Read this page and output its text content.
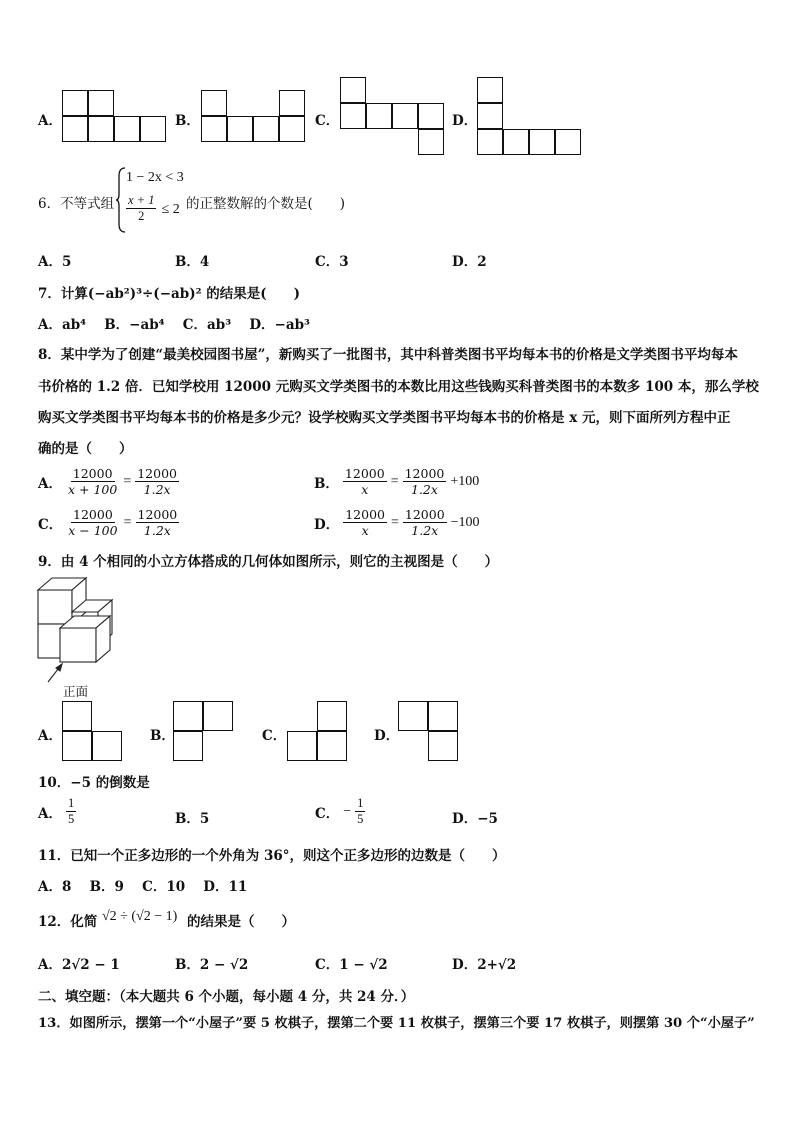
A．	B．	C．	D．
6．不等式组
1 − 2x < 3
$\frac{x + 1}{2} \le 2$ 的正整数解的个数是(　　)
A．5	B．4	C．3	D．2
7．计算(−ab²)³÷(−ab)² 的结果是(　　)
A．ab⁴　 B．−ab⁴　 C．ab³　 D．−ab³
8．某中学为了创建“最美校园图书屋”，新购买了一批图书，其中科普类图书平均每本书的价格是文学类图书平均每本
书价格的 1.2 倍．已知学校用 12000 元购买文学类图书的本数比用这些钱购买科普类图书的本数多 100 本，那么学校
购买文学类图书平均每本书的价格是多少元？设学校购买文学类图书平均每本书的价格是 x 元，则下面所列方程中正
确的是（　　）
A． $\frac{12000}{x + 100} = \frac{12000}{1.2x}$	B． $\frac{12000}{x} = \frac{12000}{1.2x} +100$
C． $\frac{12000}{x - 100} = \frac{12000}{1.2x}$	D． $\frac{12000}{x} = \frac{12000}{1.2x} -100$
9．由 4 个相同的小立方体搭成的几何体如图所示，则它的主视图是（　　）
正面
A．	B．	C．	D．
10．−5 的倒数是
A． $\frac{1}{5}$	B．5	C． − $\frac{1}{5}$	D．−5
11．已知一个正多边形的一个外角为 36°，则这个正多边形的边数是（　　）
A．8　 B．9　 C．10　 D．11
12．化简 √2 ÷ (√2 − 1) 的结果是（　　）
A．2√2 − 1	B．2 − √2	C．1 − √2	D．2+√2
二、填空题：（本大题共 6 个小题，每小题 4 分，共 24 分．）
13．如图所示，摆第一个“小屋子”要 5 枚棋子，摆第二个要 11 枚棋子，摆第三个要 17 枚棋子，则摆第 30 个“小屋子”
